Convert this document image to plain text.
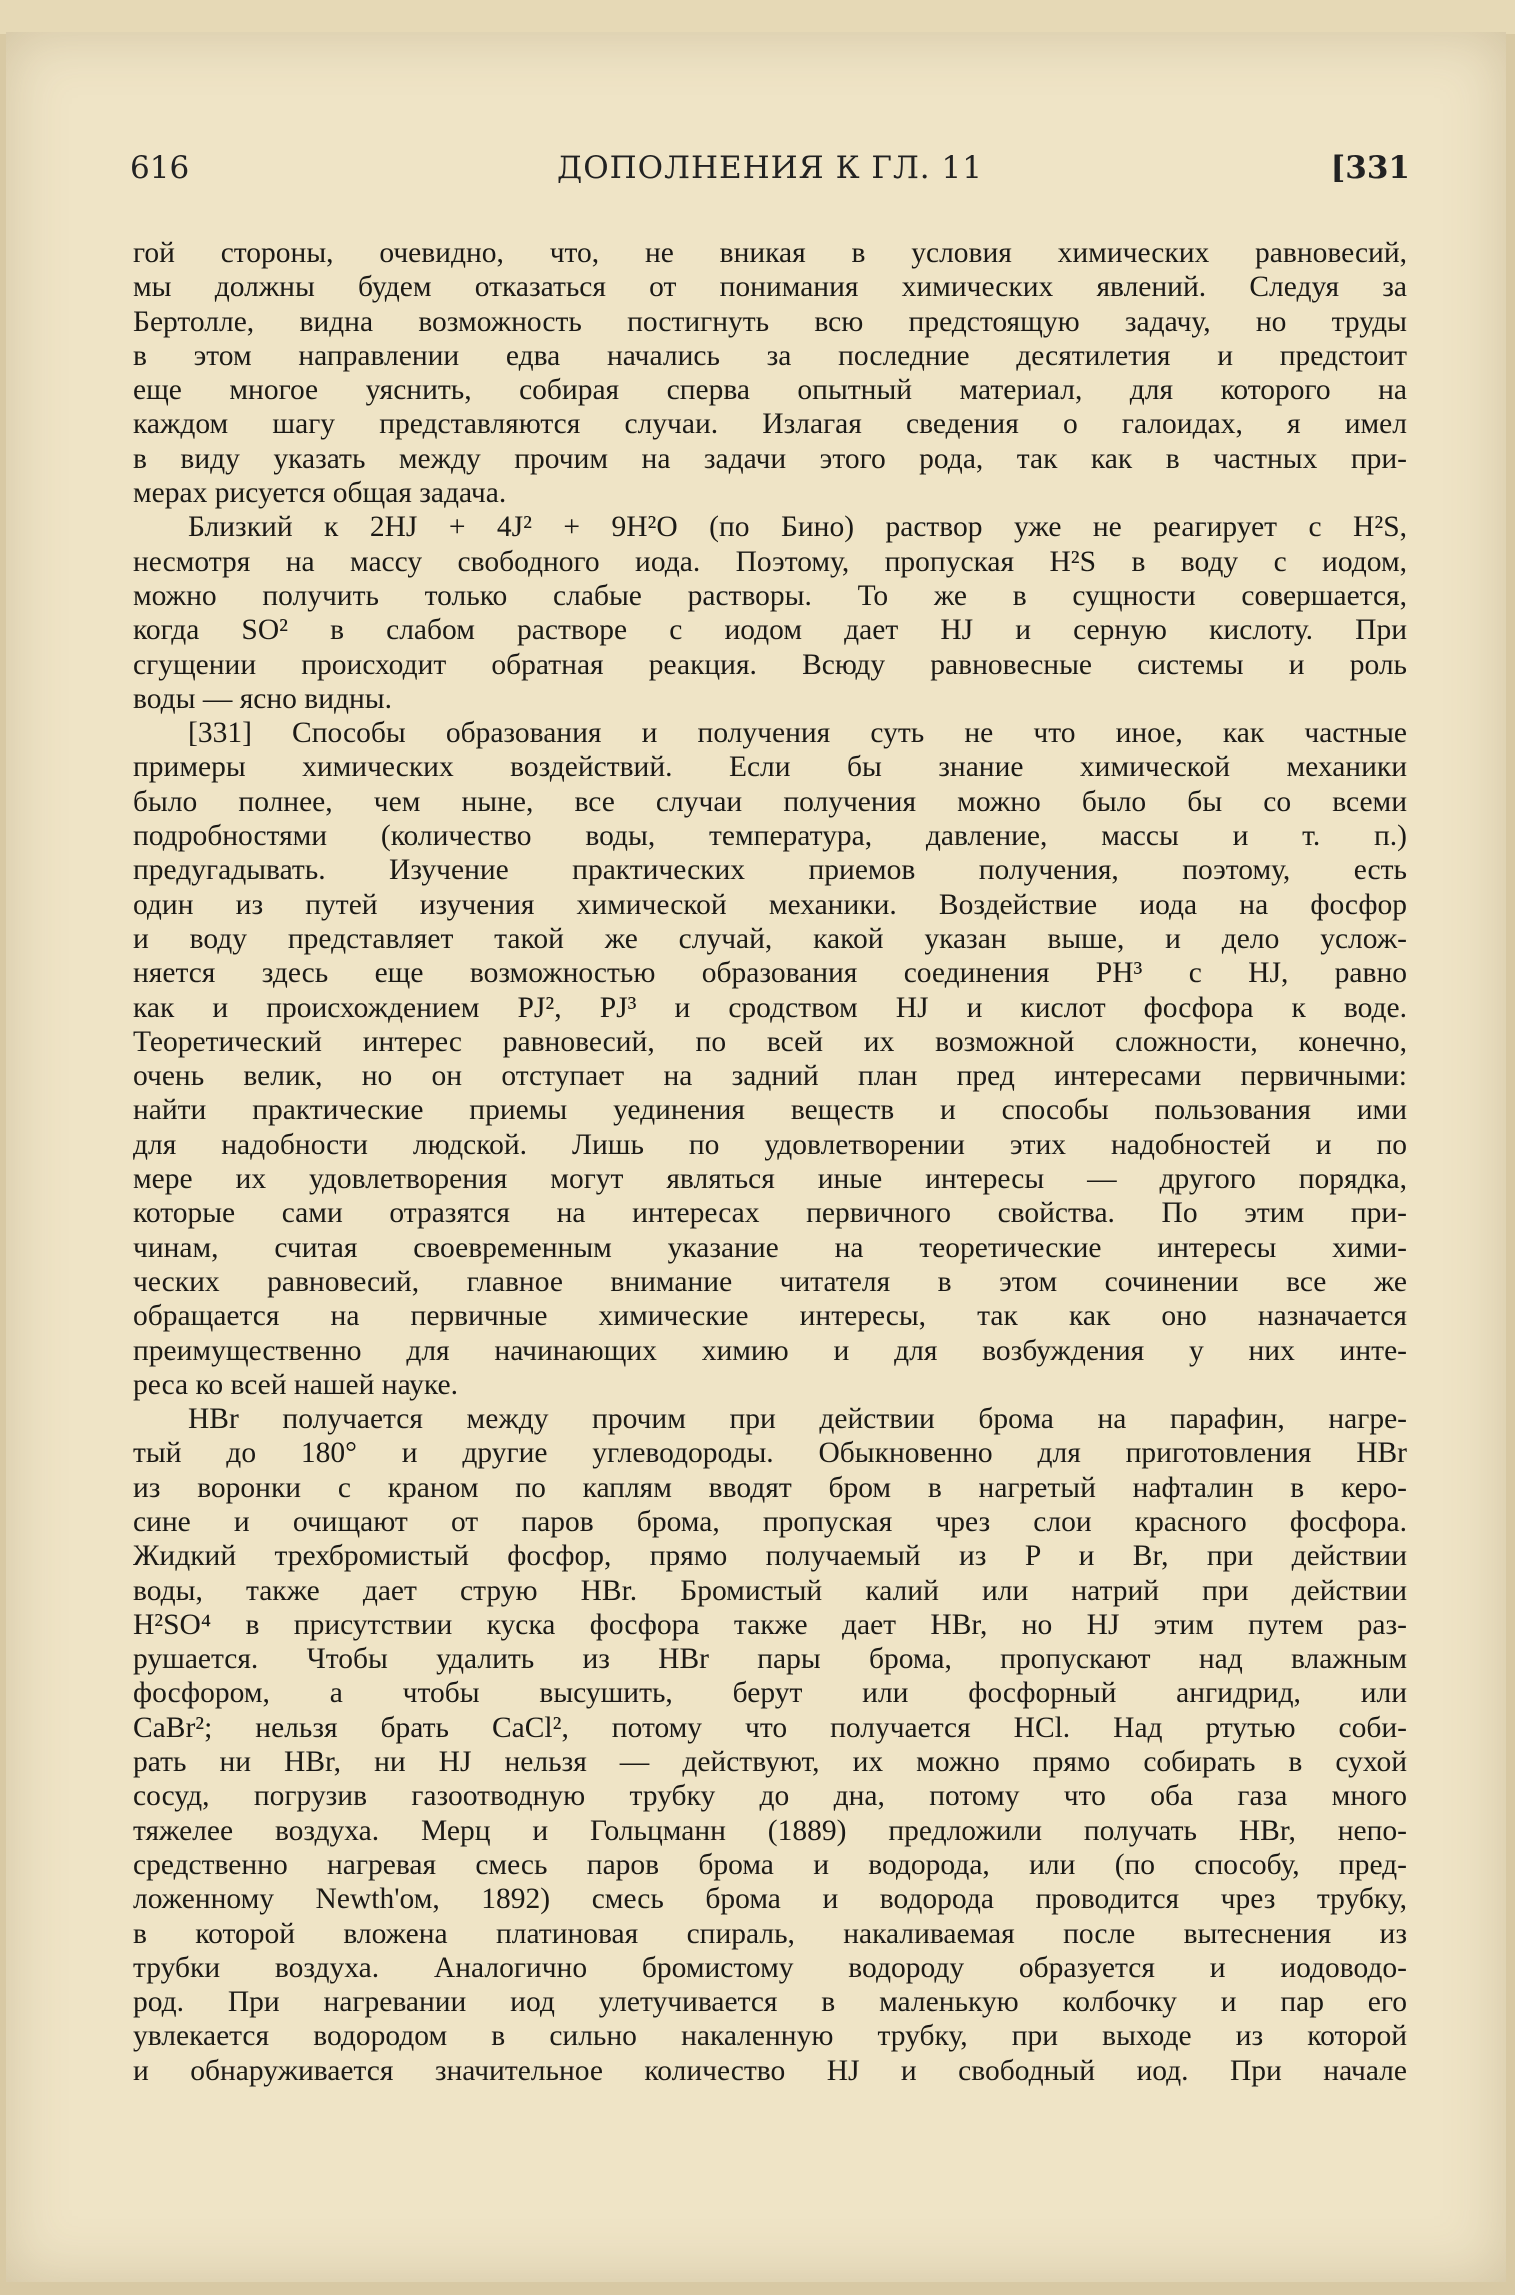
616	ДОПОЛНЕНИЯ К ГЛ. 11	[331
гой стороны, очевидно, что, не вникая в условия химических равновесий,
мы должны будем отказаться от понимания химических явлений. Следуя за
Бертолле, видна возможность постигнуть всю предстоящую задачу, но труды
в этом направлении едва начались за последние десятилетия и предстоит
еще многое уяснить, собирая сперва опытный материал, для которого на
каждом шагу представляются случаи. Излагая сведения о галоидах, я имел
в виду указать между прочим на задачи этого рода, так как в частных при-
мерах рисуется общая задача.
Близкий к 2HJ + 4J² + 9H²O (по Бино) раствор уже не реагирует с H²S,
несмотря на массу свободного иода. Поэтому, пропуская H²S в воду с иодом,
можно получить только слабые растворы. То же в сущности совершается,
когда SO² в слабом растворе с иодом дает HJ и серную кислоту. При
сгущении происходит обратная реакция. Всюду равновесные системы и роль
воды — ясно видны.
[331] Способы образования и получения суть не что иное, как частные
примеры химических воздействий. Если бы знание химической механики
было полнее, чем ныне, все случаи получения можно было бы со всеми
подробностями (количество воды, температура, давление, массы и т. п.)
предугадывать. Изучение практических приемов получения, поэтому, есть
один из путей изучения химической механики. Воздействие иода на фосфор
и воду представляет такой же случай, какой указан выше, и дело услож-
няется здесь еще возможностью образования соединения PH³ с HJ, равно
как и происхождением PJ², PJ³ и сродством HJ и кислот фосфора к воде.
Теоретический интерес равновесий, по всей их возможной сложности, конечно,
очень велик, но он отступает на задний план пред интересами первичными:
найти практические приемы уединения веществ и способы пользования ими
для надобности людской. Лишь по удовлетворении этих надобностей и по
мере их удовлетворения могут являться иные интересы — другого порядка,
которые сами отразятся на интересах первичного свойства. По этим при-
чинам, считая своевременным указание на теоретические интересы хими-
ческих равновесий, главное внимание читателя в этом сочинении все же
обращается на первичные химические интересы, так как оно назначается
преимущественно для начинающих химию и для возбуждения у них инте-
реса ко всей нашей науке.
HBr получается между прочим при действии брома на парафин, нагре-
тый до 180° и другие углеводороды. Обыкновенно для приготовления HBr
из воронки с краном по каплям вводят бром в нагретый нафталин в керо-
сине и очищают от паров брома, пропуская чрез слои красного фосфора.
Жидкий трехбромистый фосфор, прямо получаемый из P и Br, при действии
воды, также дает струю HBr. Бромистый калий или натрий при действии
H²SO⁴ в присутствии куска фосфора также дает HBr, но HJ этим путем раз-
рушается. Чтобы удалить из HBr пары брома, пропускают над влажным
фосфором, а чтобы высушить, берут или фосфорный ангидрид, или
CaBr²; нельзя брать CaCl², потому что получается HCl. Над ртутью соби-
рать ни HBr, ни HJ нельзя — действуют, их можно прямо собирать в сухой
сосуд, погрузив газоотводную трубку до дна, потому что оба газа много
тяжелее воздуха. Мерц и Гольцманн (1889) предложили получать HBr, непо-
средственно нагревая смесь паров брома и водорода, или (по способу, пред-
ложенному Newth'ом, 1892) смесь брома и водорода проводится чрез трубку,
в которой вложена платиновая спираль, накаливаемая после вытеснения из
трубки воздуха. Аналогично бромистому водороду образуется и иодоводо-
род. При нагревании иод улетучивается в маленькую колбочку и пар его
увлекается водородом в сильно накаленную трубку, при выходе из которой
и обнаруживается значительное количество HJ и свободный иод. При начале
